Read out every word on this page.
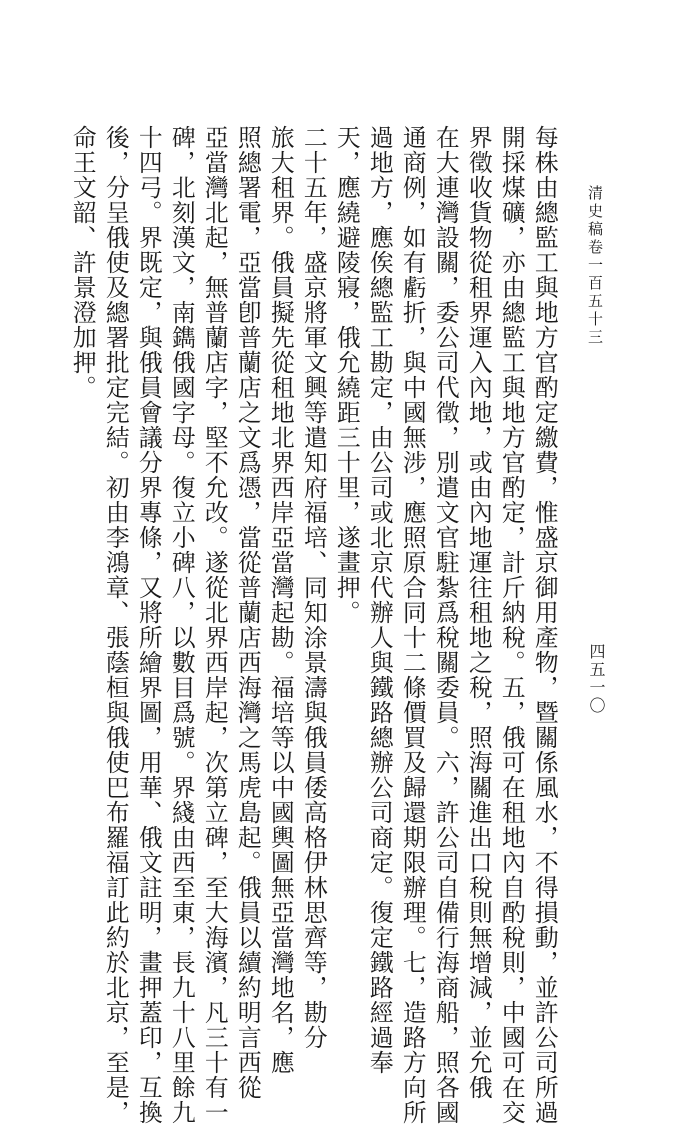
清史稿卷一百五十三
四五一〇
每株由總監工與地方官酌定繳費，惟盛京御用產物，暨關係風水，不得損動，並許公司所過
開採煤礦，亦由總監工與地方官酌定，計斤納稅。五，俄可在租地內自酌稅則，中國可在交
界徵收貨物從租界運入內地，或由內地運往租地之稅，照海關進出口稅則無增減，並允俄
在大連灣設關，委公司代徵，別遣文官駐紮爲稅關委員。六，許公司自備行海商船，照各國
通商例，如有虧折，與中國無涉，應照原合同十二條價買及歸還期限辦理。七，造路方向所
過地方，應俟總監工勘定，由公司或北京代辦人與鐵路總辦公司商定。復定鐵路經過奉
天，應繞避陵寢，俄允繞距三十里，遂畫押。
二十五年，盛京將軍文興等遣知府福培、同知涂景濤與俄員倭高格伊林思齊等，勘分
旅大租界。俄員擬先從租地北界西岸亞當灣起勘。福培等以中國輿圖無亞當灣地名，應
照總署電，亞當卽普蘭店之文爲憑，當從普蘭店西海灣之馬虎島起。俄員以續約明言西從
亞當灣北起，無普蘭店字，堅不允改。遂從北界西岸起，次第立碑，至大海濱，凡三十有一
碑，北刻漢文，南鐫俄國字母。復立小碑八，以數目爲號。界綫由西至東，長九十八里餘九
十四弓。界既定，與俄員會議分界專條，又將所繪界圖，用華、俄文註明，畫押蓋印，互換
後，分呈俄使及總署批定完結。初由李鴻章、張蔭桓與俄使巴布羅福訂此約於北京，至是，
命王文韶、許景澄加押。
